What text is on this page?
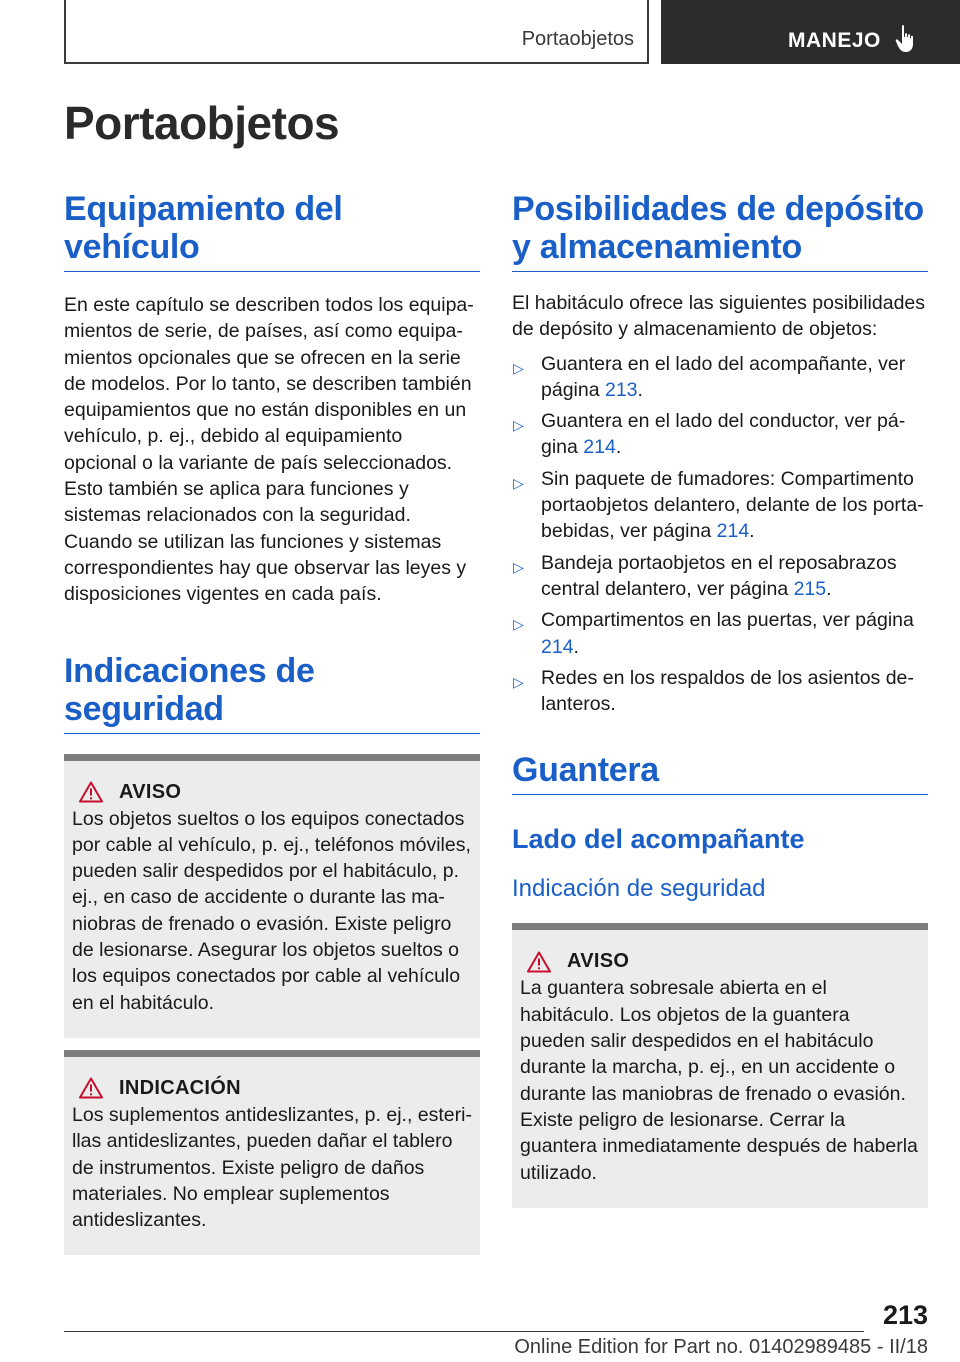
Portaobjetos	MANEJO
Portaobjetos
Equipamiento del vehículo

En este capítulo se describen todos los equipamientos de serie, de países, así como equipamientos opcionales que se ofrecen en la serie de modelos. Por lo tanto, se describen también equipamientos que no están disponibles en un vehículo, p. ej., debido al equipamiento opcional o la variante de país seleccionados. Esto también se aplica para funciones y sistemas relacionados con la seguridad. Cuando se utilizan las funciones y sistemas correspondientes hay que observar las leyes y disposiciones vigentes en cada país.

Indicaciones de seguridad
AVISO

Los objetos sueltos o los equipos conectados por cable al vehículo, p. ej., teléfonos móviles, pueden salir despedidos por el habitáculo, p. ej., en caso de accidente o durante las maniobras de frenado o evasión. Existe peligro de lesionarse. Asegurar los objetos sueltos o los equipos conectados por cable al vehículo en el habitáculo.

INDICACIÓN

Los suplementos antideslizantes, p. ej., esterillas antideslizantes, pueden dañar el tablero de instrumentos. Existe peligro de daños materiales. No emplear suplementos antideslizantes.

Posibilidades de depósito y almacenamiento

El habitáculo ofrece las siguientes posibilidades de depósito y almacenamiento de objetos:

▷ Guantera en el lado del acompañante, ver página 213.
▷ Guantera en el lado del conductor, ver página 214.
▷ Sin paquete de fumadores: Compartimento portaobjetos delantero, delante de los portabebidas, ver página 214.
▷ Bandeja portaobjetos en el reposabrazos central delantero, ver página 215.
▷ Compartimentos en las puertas, ver página 214.
▷ Redes en los respaldos de los asientos delanteros.
Guantera
Lado del acompañante
Indicación de seguridad
AVISO

La guantera sobresale abierta en el habitáculo. Los objetos de la guantera pueden salir despedidos en el habitáculo durante la marcha, p. ej., en un accidente o durante las maniobras de frenado o evasión. Existe peligro de lesionarse. Cerrar la guantera inmediatamente después de haberla utilizado.

213
Online Edition for Part no. 01402989485 - II/18
